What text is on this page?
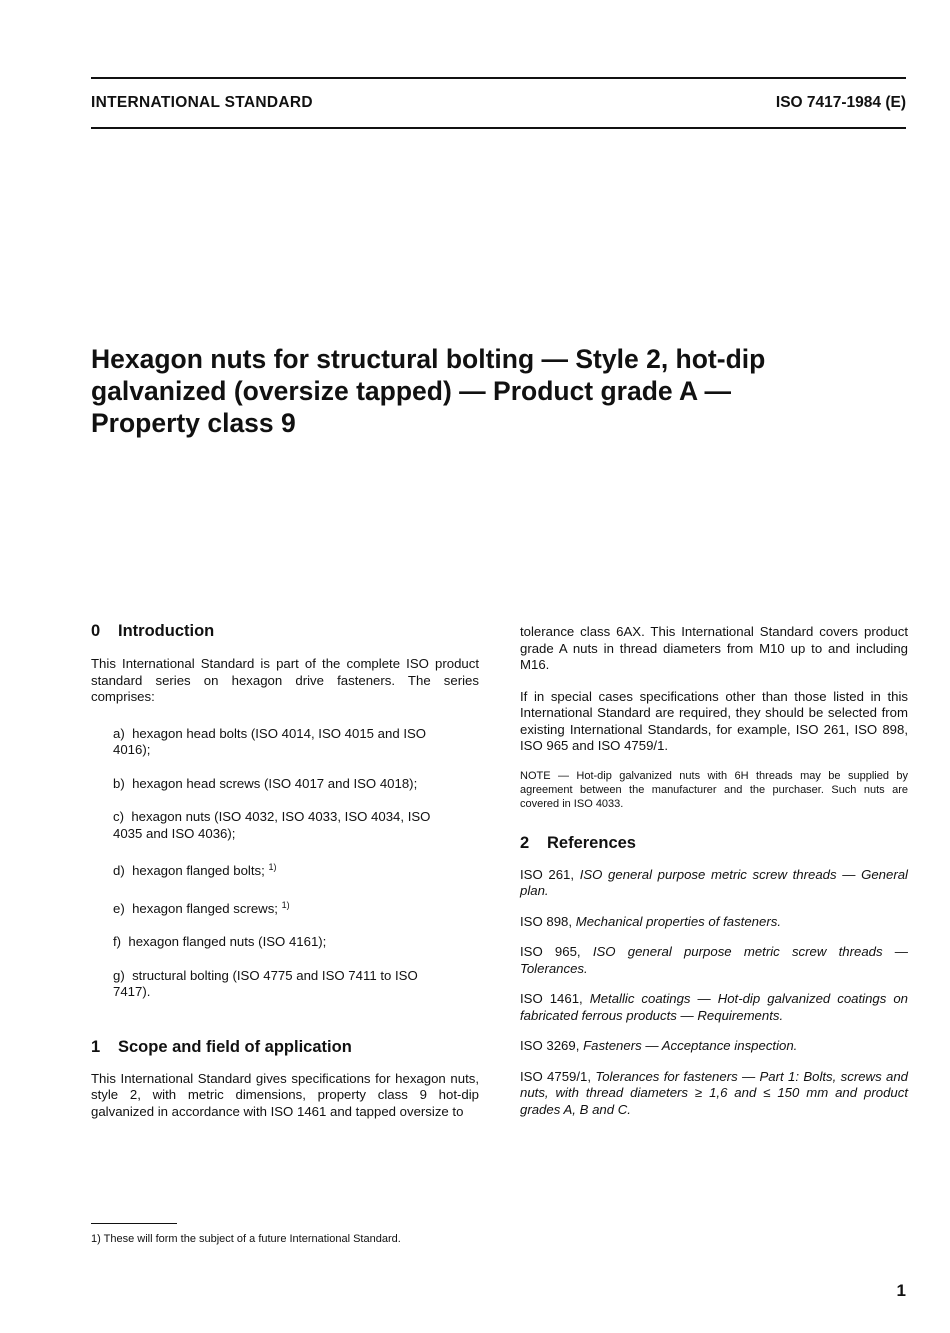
INTERNATIONAL STANDARD	ISO 7417-1984 (E)
Hexagon nuts for structural bolting — Style 2, hot-dip
galvanized (oversize tapped) — Product grade A —
Property class 9
0 Introduction

This International Standard is part of the complete ISO product standard series on hexagon drive fasteners. The series comprises:

a) hexagon head bolts (ISO 4014, ISO 4015 and ISO 4016);
b) hexagon head screws (ISO 4017 and ISO 4018);
c) hexagon nuts (ISO 4032, ISO 4033, ISO 4034, ISO 4035 and ISO 4036);
d) hexagon flanged bolts; $^{1)}$
e) hexagon flanged screws; $^{1)}$
f) hexagon flanged nuts (ISO 4161);
g) structural bolting (ISO 4775 and ISO 7411 to ISO 7417).
1 Scope and field of application

This International Standard gives specifications for hexagon nuts, style 2, with metric dimensions, property class 9 hot-dip galvanized in accordance with ISO 1461 and tapped oversize to

tolerance class 6AX. This International Standard covers product grade A nuts in thread diameters from M10 up to and including M16.

If in special cases specifications other than those listed in this International Standard are required, they should be selected from existing International Standards, for example, ISO 261, ISO 898, ISO 965 and ISO 4759/1.

NOTE — Hot-dip galvanized nuts with 6H threads may be supplied by agreement between the manufacturer and the purchaser. Such nuts are covered in ISO 4033.

2 References

ISO 261, ISO general purpose metric screw threads — General plan.

ISO 898, Mechanical properties of fasteners.

ISO 965, ISO general purpose metric screw threads — Tolerances.

ISO 1461, Metallic coatings — Hot-dip galvanized coatings on fabricated ferrous products — Requirements.

ISO 3269, Fasteners — Acceptance inspection.

ISO 4759/1, Tolerances for fasteners — Part 1: Bolts, screws and nuts, with thread diameters ≥ 1,6 and ≤ 150 mm and product grades A, B and C.

1) These will form the subject of a future International Standard.
1
